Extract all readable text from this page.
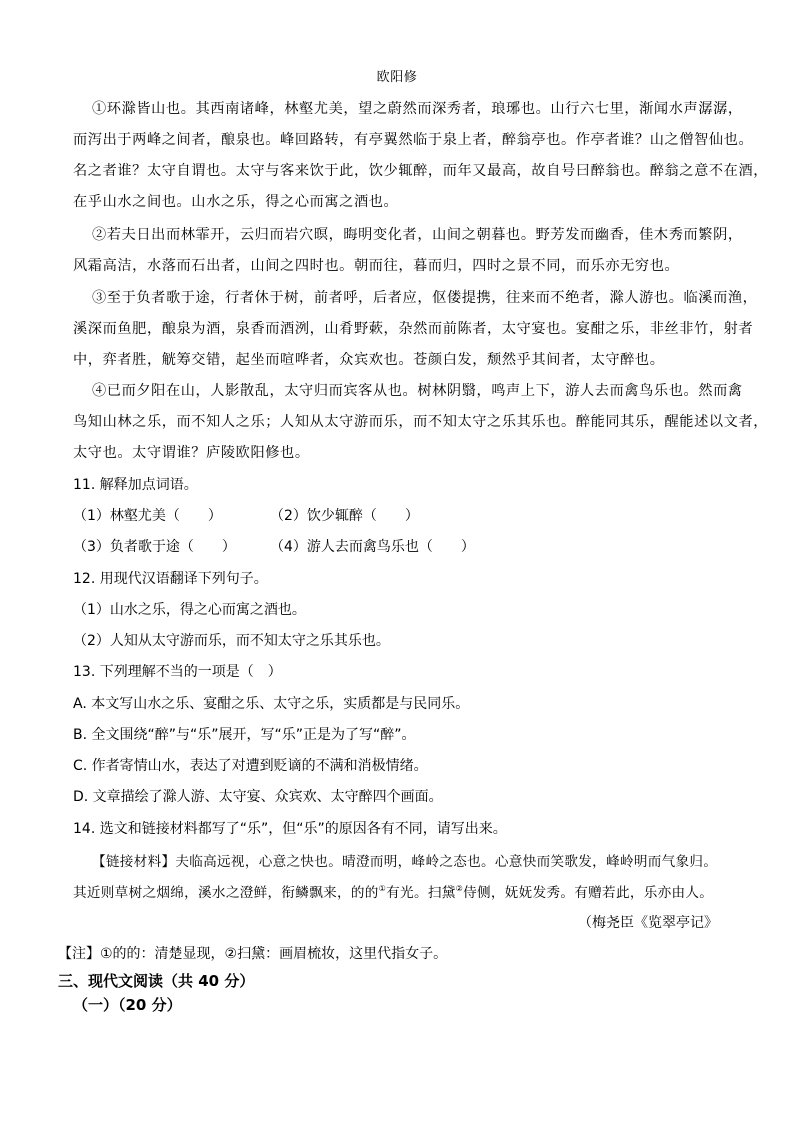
欧阳修
①环滁皆山也。其西南诸峰，林壑尤美，望之蔚然而深秀者，琅琊也。山行六七里，渐闻水声潺潺，
而泻出于两峰之间者，酿泉也。峰回路转，有亭翼然临于泉上者，醉翁亭也。作亭者谁？山之僧智仙也。
名之者谁？太守自谓也。太守与客来饮于此，饮少辄醉，而年又最高，故自号曰醉翁也。醉翁之意不在酒，
在乎山水之间也。山水之乐，得之心而寓之酒也。
②若夫日出而林霏开，云归而岩穴暝，晦明变化者，山间之朝暮也。野芳发而幽香，佳木秀而繁阴，
风霜高洁，水落而石出者，山间之四时也。朝而往，暮而归，四时之景不同，而乐亦无穷也。
③至于负者歌于途，行者休于树，前者呼，后者应，伛偻提携，往来而不绝者，滁人游也。临溪而渔，
溪深而鱼肥，酿泉为酒，泉香而酒洌，山肴野蔌，杂然而前陈者，太守宴也。宴酣之乐，非丝非竹，射者
中，弈者胜，觥筹交错，起坐而喧哗者，众宾欢也。苍颜白发，颓然乎其间者，太守醉也。
④已而夕阳在山，人影散乱，太守归而宾客从也。树林阴翳，鸣声上下，游人去而禽鸟乐也。然而禽
鸟知山林之乐，而不知人之乐；人知从太守游而乐，而不知太守之乐其乐也。醉能同其乐，醒能述以文者，
太守也。太守谓谁？庐陵欧阳修也。
11. 解释加点词语。
（1）林壑尤美（　　）	（2）饮少辄醉（　　）
（3）负者歌于途（　　） （4）游人去而禽鸟乐也（　　）
12. 用现代汉语翻译下列句子。
（1）山水之乐，得之心而寓之酒也。
（2）人知从太守游而乐，而不知太守之乐其乐也。
13. 下列理解不当的一项是（　）
A. 本文写山水之乐、宴酣之乐、太守之乐，实质都是与民同乐。
B. 全文围绕“醉”与“乐”展开，写“乐”正是为了写“醉”。
C. 作者寄情山水，表达了对遭到贬谪的不满和消极情绪。
D. 文章描绘了滁人游、太守宴、众宾欢、太守醉四个画面。
14. 选文和链接材料都写了“乐”，但“乐”的原因各有不同，请写出来。
【链接材料】夫临高远视，心意之快也。晴澄而明，峰岭之态也。心意快而笑歌发，峰岭明而气象归。
其近则草树之烟绵，溪水之澄鲜，衔鳞飘来，的的①有光。扫黛②侍侧，妩妩发秀。有赠若此，乐亦由人。
（梅尧臣《览翠亭记》
【注】①的的：清楚显现，②扫黛：画眉梳妆，这里代指女子。
三、现代文阅读（共 40 分）
（一）（20 分）
